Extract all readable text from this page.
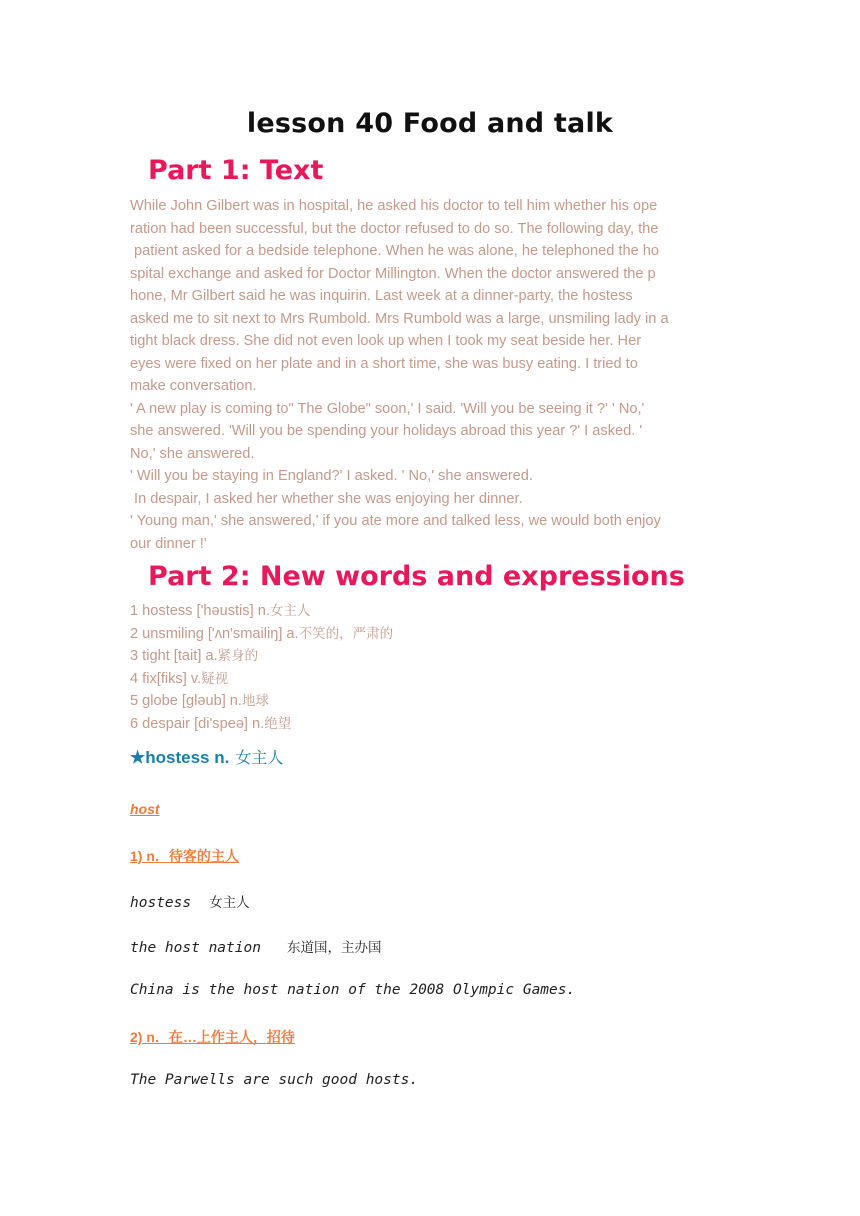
lesson 40 Food and talk
Part 1: Text
While John Gilbert was in hospital, he asked his doctor to tell him whether his ope
ration had been successful, but the doctor refused to do so. The following day, the
patient asked for a bedside telephone. When he was alone, he telephoned the ho
spital exchange and asked for Doctor Millington. When the doctor answered the p
hone, Mr Gilbert said he was inquirin. Last week at a dinner-party, the hostess
asked me to sit next to Mrs Rumbold. Mrs Rumbold was a large, unsmiling lady in a
tight black dress. She did not even look up when I took my seat beside her. Her
eyes were fixed on her plate and in a short time, she was busy eating. I tried to
make conversation.
' A new play is coming to" The Globe" soon,' I said. 'Will you be seeing it ?' ' No,'
she answered. 'Will you be spending your holidays abroad this year ?' I asked. '
No,' she answered.
' Will you be staying in England?' I asked. ' No,' she answered.
In despair, I asked her whether she was enjoying her dinner.
' Young man,' she answered,' if you ate more and talked less, we would both enjoy
our dinner !'
Part 2: New words and expressions
1 hostess ['həustis] n.女主人
2 unsmiling ['ʌn'smailiŋ] a.不笑的，严肃的
3 tight [tait] a.紧身的
4 fix[fiks] v.疑视
5 globe [gləub] n.地球
6 despair [di'speə] n.绝望
★hostess n. 女主人
host
1) n．待客的主人
hostess 女主人
the host nation 东道国，主办国
China is the host nation of the 2008 Olympic Games.
2) n．在…上作主人，招待
The Parwells are such good hosts.
